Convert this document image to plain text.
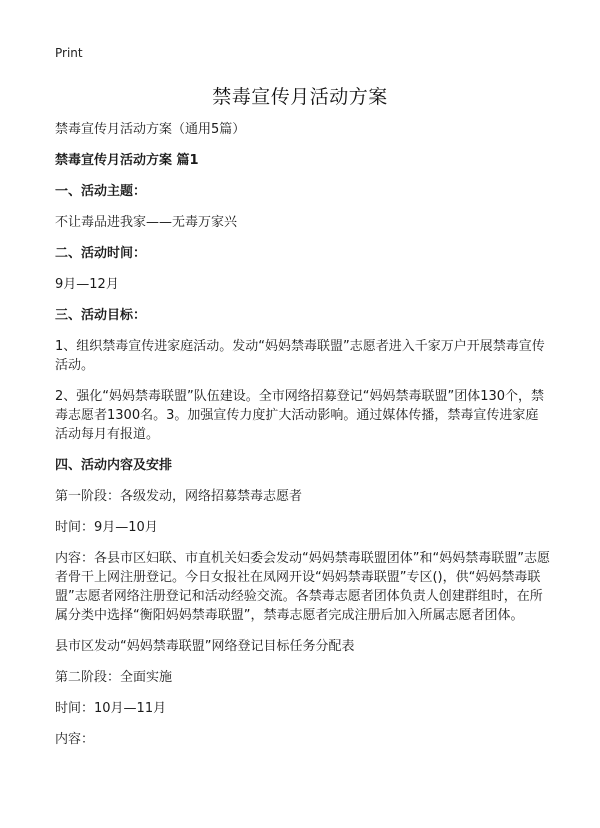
Print
禁毒宣传月活动方案

禁毒宣传月活动方案（通用5篇）

禁毒宣传月活动方案 篇1

一、活动主题：

不让毒品进我家——无毒万家兴

二、活动时间：

9月—12月

三、活动目标：

1、组织禁毒宣传进家庭活动。发动“妈妈禁毒联盟”志愿者进入千家万户开展禁毒宣传活动。

2、强化“妈妈禁毒联盟”队伍建设。全市网络招募登记“妈妈禁毒联盟”团体130个，禁毒志愿者1300名。3。加强宣传力度扩大活动影响。通过媒体传播，禁毒宣传进家庭活动每月有报道。

四、活动内容及安排

第一阶段：各级发动，网络招募禁毒志愿者

时间：9月—10月

内容：各县市区妇联、市直机关妇委会发动“妈妈禁毒联盟团体”和“妈妈禁毒联盟”志愿者骨干上网注册登记。今日女报社在凤网开设“妈妈禁毒联盟”专区()，供“妈妈禁毒联盟”志愿者网络注册登记和活动经验交流。各禁毒志愿者团体负责人创建群组时，在所属分类中选择“衡阳妈妈禁毒联盟”，禁毒志愿者完成注册后加入所属志愿者团体。

县市区发动“妈妈禁毒联盟”网络登记目标任务分配表

第二阶段：全面实施

时间：10月—11月

内容：
